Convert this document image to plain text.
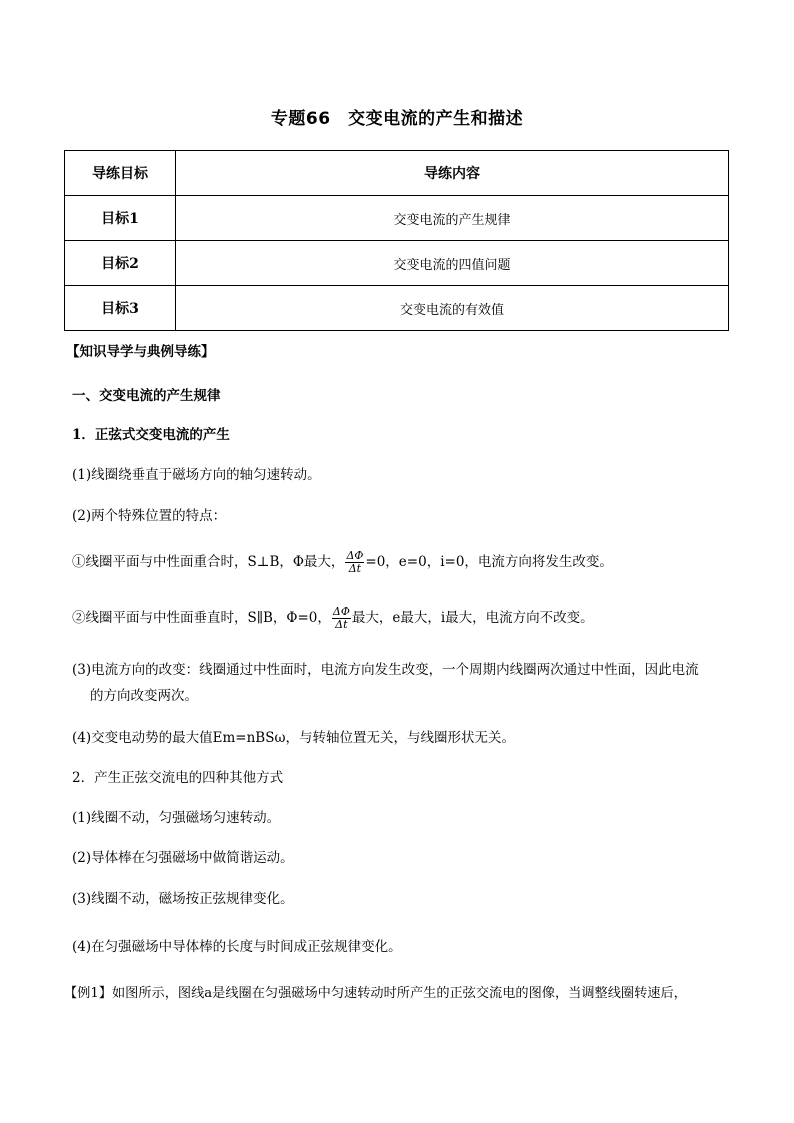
专题66　交变电流的产生和描述
导练目标	导练内容
目标1	交变电流的产生规律
目标2	交变电流的四值问题
目标3	交变电流的有效值
【知识导学与典例导练】
一、交变电流的产生规律
1．正弦式交变电流的产生
(1)线圈绕垂直于磁场方向的轴匀速转动。
(2)两个特殊位置的特点：
①线圈平面与中性面重合时，S⊥B，Φ最大， $\frac{\Delta\Phi}{\Delta t} =0$，e=0，i=0，电流方向将发生改变。
②线圈平面与中性面垂直时，S∥B，Φ=0， $\frac{\Delta\Phi}{\Delta t}$ 最大，e最大，i最大，电流方向不改变。
(3)电流方向的改变：线圈通过中性面时，电流方向发生改变，一个周期内线圈两次通过中性面，因此电流
的方向改变两次。
(4)交变电动势的最大值Em=nBSω，与转轴位置无关，与线圈形状无关。
2．产生正弦交流电的四种其他方式
(1)线圈不动，匀强磁场匀速转动。
(2)导体棒在匀强磁场中做简谐运动。
(3)线圈不动，磁场按正弦规律变化。
(4)在匀强磁场中导体棒的长度与时间成正弦规律变化。
【例1】如图所示，图线a是线圈在匀强磁场中匀速转动时所产生的正弦交流电的图像，当调整线圈转速后，
